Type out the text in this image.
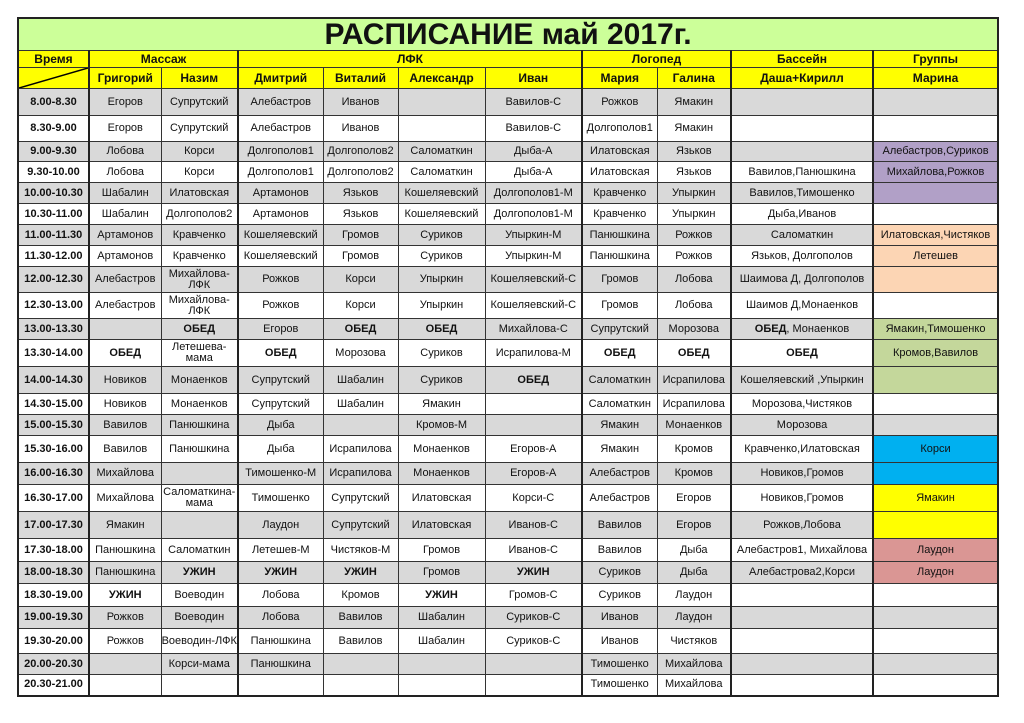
РАСПИСАНИЕ май 2017г.										
Время	Массаж		ЛФК				Логопед		Бассейн	Группы

	Григорий	Назим	Дмитрий	Виталий	Александр	Иван	Мария	Галина	Даша+Кирилл	Марина
8.00-8.30	Егоров	Супрутский	Алебастров	Иванов		Вавилов-С	Рожков	Ямакин		
8.30-9.00	Егоров	Супрутский	Алебастров	Иванов		Вавилов-С	Долгополов1	Ямакин		
9.00-9.30	Лобова	Корси	Долгополов1	Долгополов2	Саломаткин	Дыба-А	Илатовская	Язьков		Алебастров,Суриков
9.30-10.00	Лобова	Корси	Долгополов1	Долгополов2	Саломаткин	Дыба-А	Илатовская	Язьков	Вавилов,Панюшкина	Михайлова,Рожков
10.00-10.30	Шабалин	Илатовская	Артамонов	Язьков	Кошеляевский	Долгополов1-М	Кравченко	Упыркин	Вавилов,Тимошенко	
10.30-11.00	Шабалин	Долгополов2	Артамонов	Язьков	Кошеляевский	Долгополов1-М	Кравченко	Упыркин	Дыба,Иванов	
11.00-11.30	Артамонов	Кравченко	Кошеляевский	Громов	Суриков	Упыркин-М	Панюшкина	Рожков	Саломаткин	Илатовская,Чистяков
11.30-12.00	Артамонов	Кравченко	Кошеляевский	Громов	Суриков	Упыркин-М	Панюшкина	Рожков	Язьков, Долгополов	Летешев
12.00-12.30	Алебастров	Михайлова-ЛФК	Рожков	Корси	Упыркин	Кошеляевский-С	Громов	Лобова	Шаимова Д, Долгополов	
12.30-13.00	Алебастров	Михайлова-ЛФК	Рожков	Корси	Упыркин	Кошеляевский-С	Громов	Лобова	Шаимов Д,Монаенков	
13.00-13.30		ОБЕД	Егоров	ОБЕД	ОБЕД	Михайлова-С	Супрутский	Морозова	ОБЕД, Монаенков	Ямакин,Тимошенко
13.30-14.00	ОБЕД	Летешева-мама	ОБЕД	Морозова	Суриков	Исрапилова-М	ОБЕД	ОБЕД	ОБЕД	Кромов,Вавилов
14.00-14.30	Новиков	Монаенков	Супрутский	Шабалин	Суриков	ОБЕД	Саломаткин	Исрапилова	Кошеляевский ,Упыркин	
14.30-15.00	Новиков	Монаенков	Супрутский	Шабалин	Ямакин		Саломаткин	Исрапилова	Морозова,Чистяков	
15.00-15.30	Вавилов	Панюшкина	Дыба		Кромов-М		Ямакин	Монаенков	Морозова	
15.30-16.00	Вавилов	Панюшкина	Дыба	Исрапилова	Монаенков	Егоров-А	Ямакин	Кромов	Кравченко,Илатовская	Корси
16.00-16.30	Михайлова		Тимошенко-М	Исрапилова	Монаенков	Егоров-А	Алебастров	Кромов	Новиков,Громов	
16.30-17.00	Михайлова	Саломаткина-мама	Тимошенко	Супрутский	Илатовская	Корси-С	Алебастров	Егоров	Новиков,Громов	Ямакин
17.00-17.30	Ямакин		Лаудон	Супрутский	Илатовская	Иванов-С	Вавилов	Егоров	Рожков,Лобова	
17.30-18.00	Панюшкина	Саломаткин	Летешев-М	Чистяков-М	Громов	Иванов-С	Вавилов	Дыба	Алебастров1, Михайлова	Лаудон
18.00-18.30	Панюшкина	УЖИН	УЖИН	УЖИН	Громов	УЖИН	Суриков	Дыба	Алебастрова2,Корси	Лаудон
18.30-19.00	УЖИН	Воеводин	Лобова	Кромов	УЖИН	Громов-С	Суриков	Лаудон		
19.00-19.30	Рожков	Воеводин	Лобова	Вавилов	Шабалин	Суриков-С	Иванов	Лаудон		
19.30-20.00	Рожков	Воеводин-ЛФК	Панюшкина	Вавилов	Шабалин	Суриков-С	Иванов	Чистяков		
20.00-20.30		Корси-мама	Панюшкина				Тимошенко	Михайлова		
20.30-21.00							Тимошенко	Михайлова		
